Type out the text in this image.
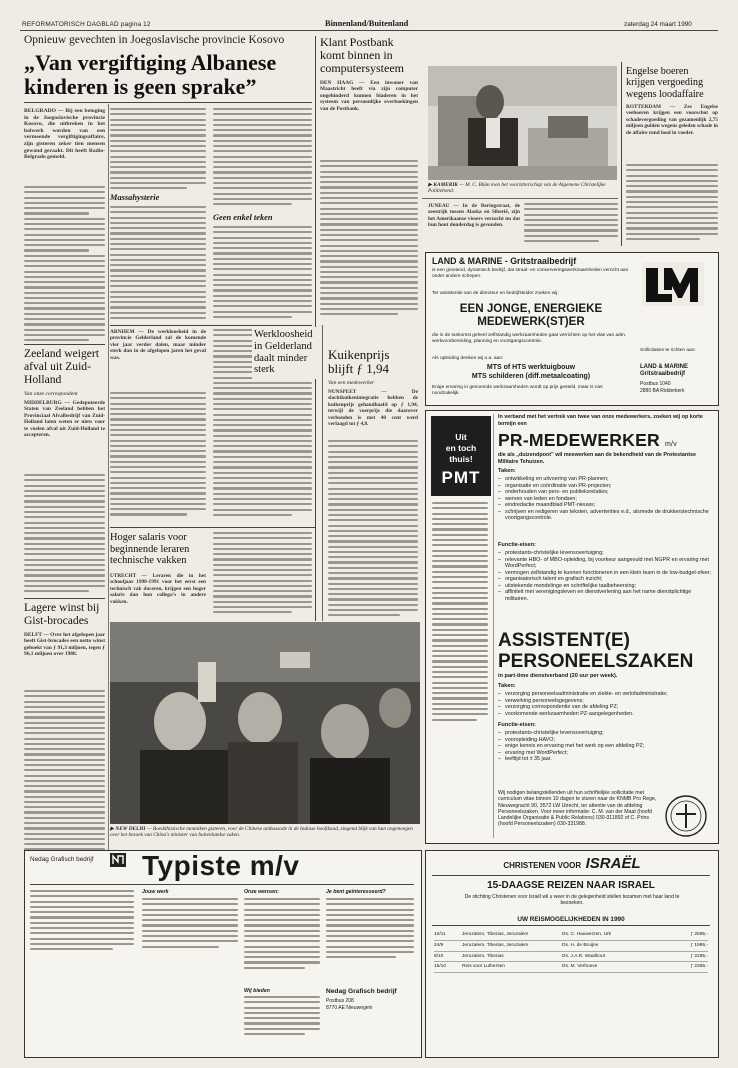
REFORMATORISCH DAGBLAD pagina 12	Binnenland/Buitenland	zaterdag 24 maart 1990
Opnieuw gevechten in Joegoslavische provincie Kosovo
„Van vergiftiging Albanese
kinderen is geen sprake”
BELGRADO — Bij een betoging in de Joegoslavische provincie Kosovo, die uitbreken in het bolwerk worden van een vermeende vergiftigingsaffaire, zijn gisteren zeker tien mensen gewond geraakt. Dit heeft Radio-Belgrado gemeld.
Massahysterie
Geen enkel teken
Zeeland weigert afval uit Zuid-Holland
Van onze correspondent
MIDDELBURG — Gedeputeerde Staten van Zeeland hebben het Provinciaal Afvalbedrijf van Zuid-Holland laten weten er niets voor te voelen afval uit Zuid-Holland te accepteren.
Lagere winst bij Gist-brocades
DELFT — Over het afgelopen jaar heeft Gist-brocades een netto winst geboekt van ƒ 91,3 miljoen, tegen ƒ 96,1 miljoen over 1988.
ARNHEM — De werkloosheid in de provincie Gelderland zal de komende vier jaar verder dalen, maar minder sterk dan in de afgelopen jaren het geval was.
Klant Postbank komt binnen in computersysteem
DEN HAAG — Een inwoner van Maastricht heeft via zijn computer ongehinderd kunnen bladeren in het systeem van persoonlijke overboekingen van de Postbank.
▶ KAMERIK — M. C. Blüm toen het voorzitterschap van de Algemene Christelijke Politiebond.
JUNEAU — In de Beringstraat, de zeestrijk tussen Alaska en Siberië, zijn het Amerikaanse vissers verzocht nu dat bun hout donderdag is gevonden.
Engelse boeren krijgen vergoeding wegens loodaffaire
ROTTERDAM — Zes Engelse veeboeren krijgen een voorschot op schadevergoeding van gezamenlijk 2,75 miljoen gulden wegens geleden schade in de affaire rond lood in voeder.
Kuikenprijs blijft ƒ 1,94
Van een medewerker
NUNSPEET — De slachtkuikenintegratie hebben de kuikenprijs gehandhaafd op ƒ 1,94, terwijl de voerprijs die daarover verbonden is met 40 cent werd verlaagd tot ƒ 4,8.
Hoger salaris voor beginnende leraren technische vakken
UTRECHT — Leraren die in het schooljaar 1990-1991 voor het eerst een technisch vak doceren, krijgen een hoger salaris dan hun collega's in andere vakken.
▶ NEW DELHI — Boeddhistische monniken gisteren, voor de Chinese ambassade in de Indiase hoofdstad, zingend blijk van hun ongenoegen over het bezoek van China's minister van buitenlandse zaken.
LAND & MARINE - Gritstraalbedrijf
is een groeiend, dynamisch bedrijf, dat straal- en conserveringswerkzaamheden verricht aan onder andere schepen.
Ter assistentie van de directeur en bedrijfsleider zoeken wij:
EEN JONGE, ENERGIEKE MEDEWERK(ST)ER
die in de toekomst geheel zelfstandig werkzaamheden gaat verrichten op het vlak van adm. werkvoorbereiding, planning en voortgangscontrole.
Als opleiding denken wij o.a. aan:
MTS of HTS werktuigbouw
MTS schilderen (diff.metaalcoating)
Enige ervaring in genoemde werkzaamheden wordt op prijs gesteld, maar is niet noodzakelijk.
Sollicitaties te richten aan:
LAND & MARINE Gritstraalbedrijf
Postbus 1040
2880 BA Ridderkerk
Uit
en toch
thuis!
PMT
In verband met het vertrek van twee van onze medewerkers, zoeken wij op korte termijn een
PR-MEDEWERKER m/v
die als „duizendpoot” wil meewerken aan de bekendheid van de Protestantse Militaire Tehuizen.
Taken:
– ontwikkeling en uitvoering van PR-plannen;
– organisatie en coördinatie van PR-projecten;
– onderhouden van pers- en publieksrelaties;
– werven van leden en fondsen;
– eindredactie maandblad PMT-nieuws;
– schrijven en redigeren van teksten, advertenties e.d., alsmede de drukkerstechnische voortgangscontrole.
Functie-eisen:
– protestants-christelijke levensovertuiging;
– relevante HBO- of MBO-opleiding, bij voorkeur aangevuld met NGPR en ervaring met WordPerfect;
– vermogen zelfstandig te kunnen functioneren in een klein team in de low-budget-sfeer;
– organisatorisch talent en grafisch inzicht;
– uitstekende mondelinge en schriftelijke taalbeheersing;
– affiniteit met verenigingsleven en dienstverlening aan het name dienstplichtige militairen.
ASSISTENT(E)
PERSONEELSZAKEN
in part-time dienstverband (20 uur per week).
Taken:
– verzorging personeelsadministratie en ziekte- en verlofadministratie;
– verwerking personeelsgegevens;
– verzorging correspondentie van de afdeling PZ;
– voorkomende werkzaamheden PZ-aangelegenheden.
Functie-eisen:
– protestants-christelijke levensovertuiging;
– vooropleiding HAVO;
– enige kennis en ervaring met het werk op een afdeling PZ;
– ervaring met WordPerfect;
– leeftijd tot ± 35 jaar.
Wij nodigen belangstellenden uit hun schriftelijke sollicitatie met curriculum vitae binnen 10 dagen te sturen naar de KNMB Pro Rege, Nieuwegracht 90, 3572 LW Utrecht, ter attentie van de afdeling Personeelszaken. Voor meer informatie: C. M. van der Maat (hoofd Landelijke Organisatie & Public Relations) 030-311892 of C. Prins (hoofd Personeelszaken) 030-331988.
CHRISTENEN VOOR ISRAËL
15-DAAGSE REIZEN NAAR ISRAEL
De stichting Christenen voor Israël wil u weer in de gelegenheid stellen tezamen met haar land te bezoeken.
UW REISMOGELIJKHEDEN IN 1990
10/11	Jeruzalem, Tiberias, Jeruzalem	Ds. C. Hauwerzen, Urk	ƒ 2595,-
24/9	Jeruzalem, Tiberias, Jeruzalem	Ds. H. de Bruijne	ƒ 1995,-
8/10	Jeruzalem, Tiberias	Ds. J.A.R. Waalhout	ƒ 2295,-
15/10	Reis voor Luthersen	Ds. M. Verhoeve	ƒ 2355,-
Nedag Grafisch bedrijf Typiste m/v
Jouw werk	Onze wensen:
Wij bieden
Je bent geïnteresseerd?
Nedag Grafisch bedrijf
Postbus 208
8770 AE Nieuwegein
Werkloosheid in Gelderland daalt minder sterk
